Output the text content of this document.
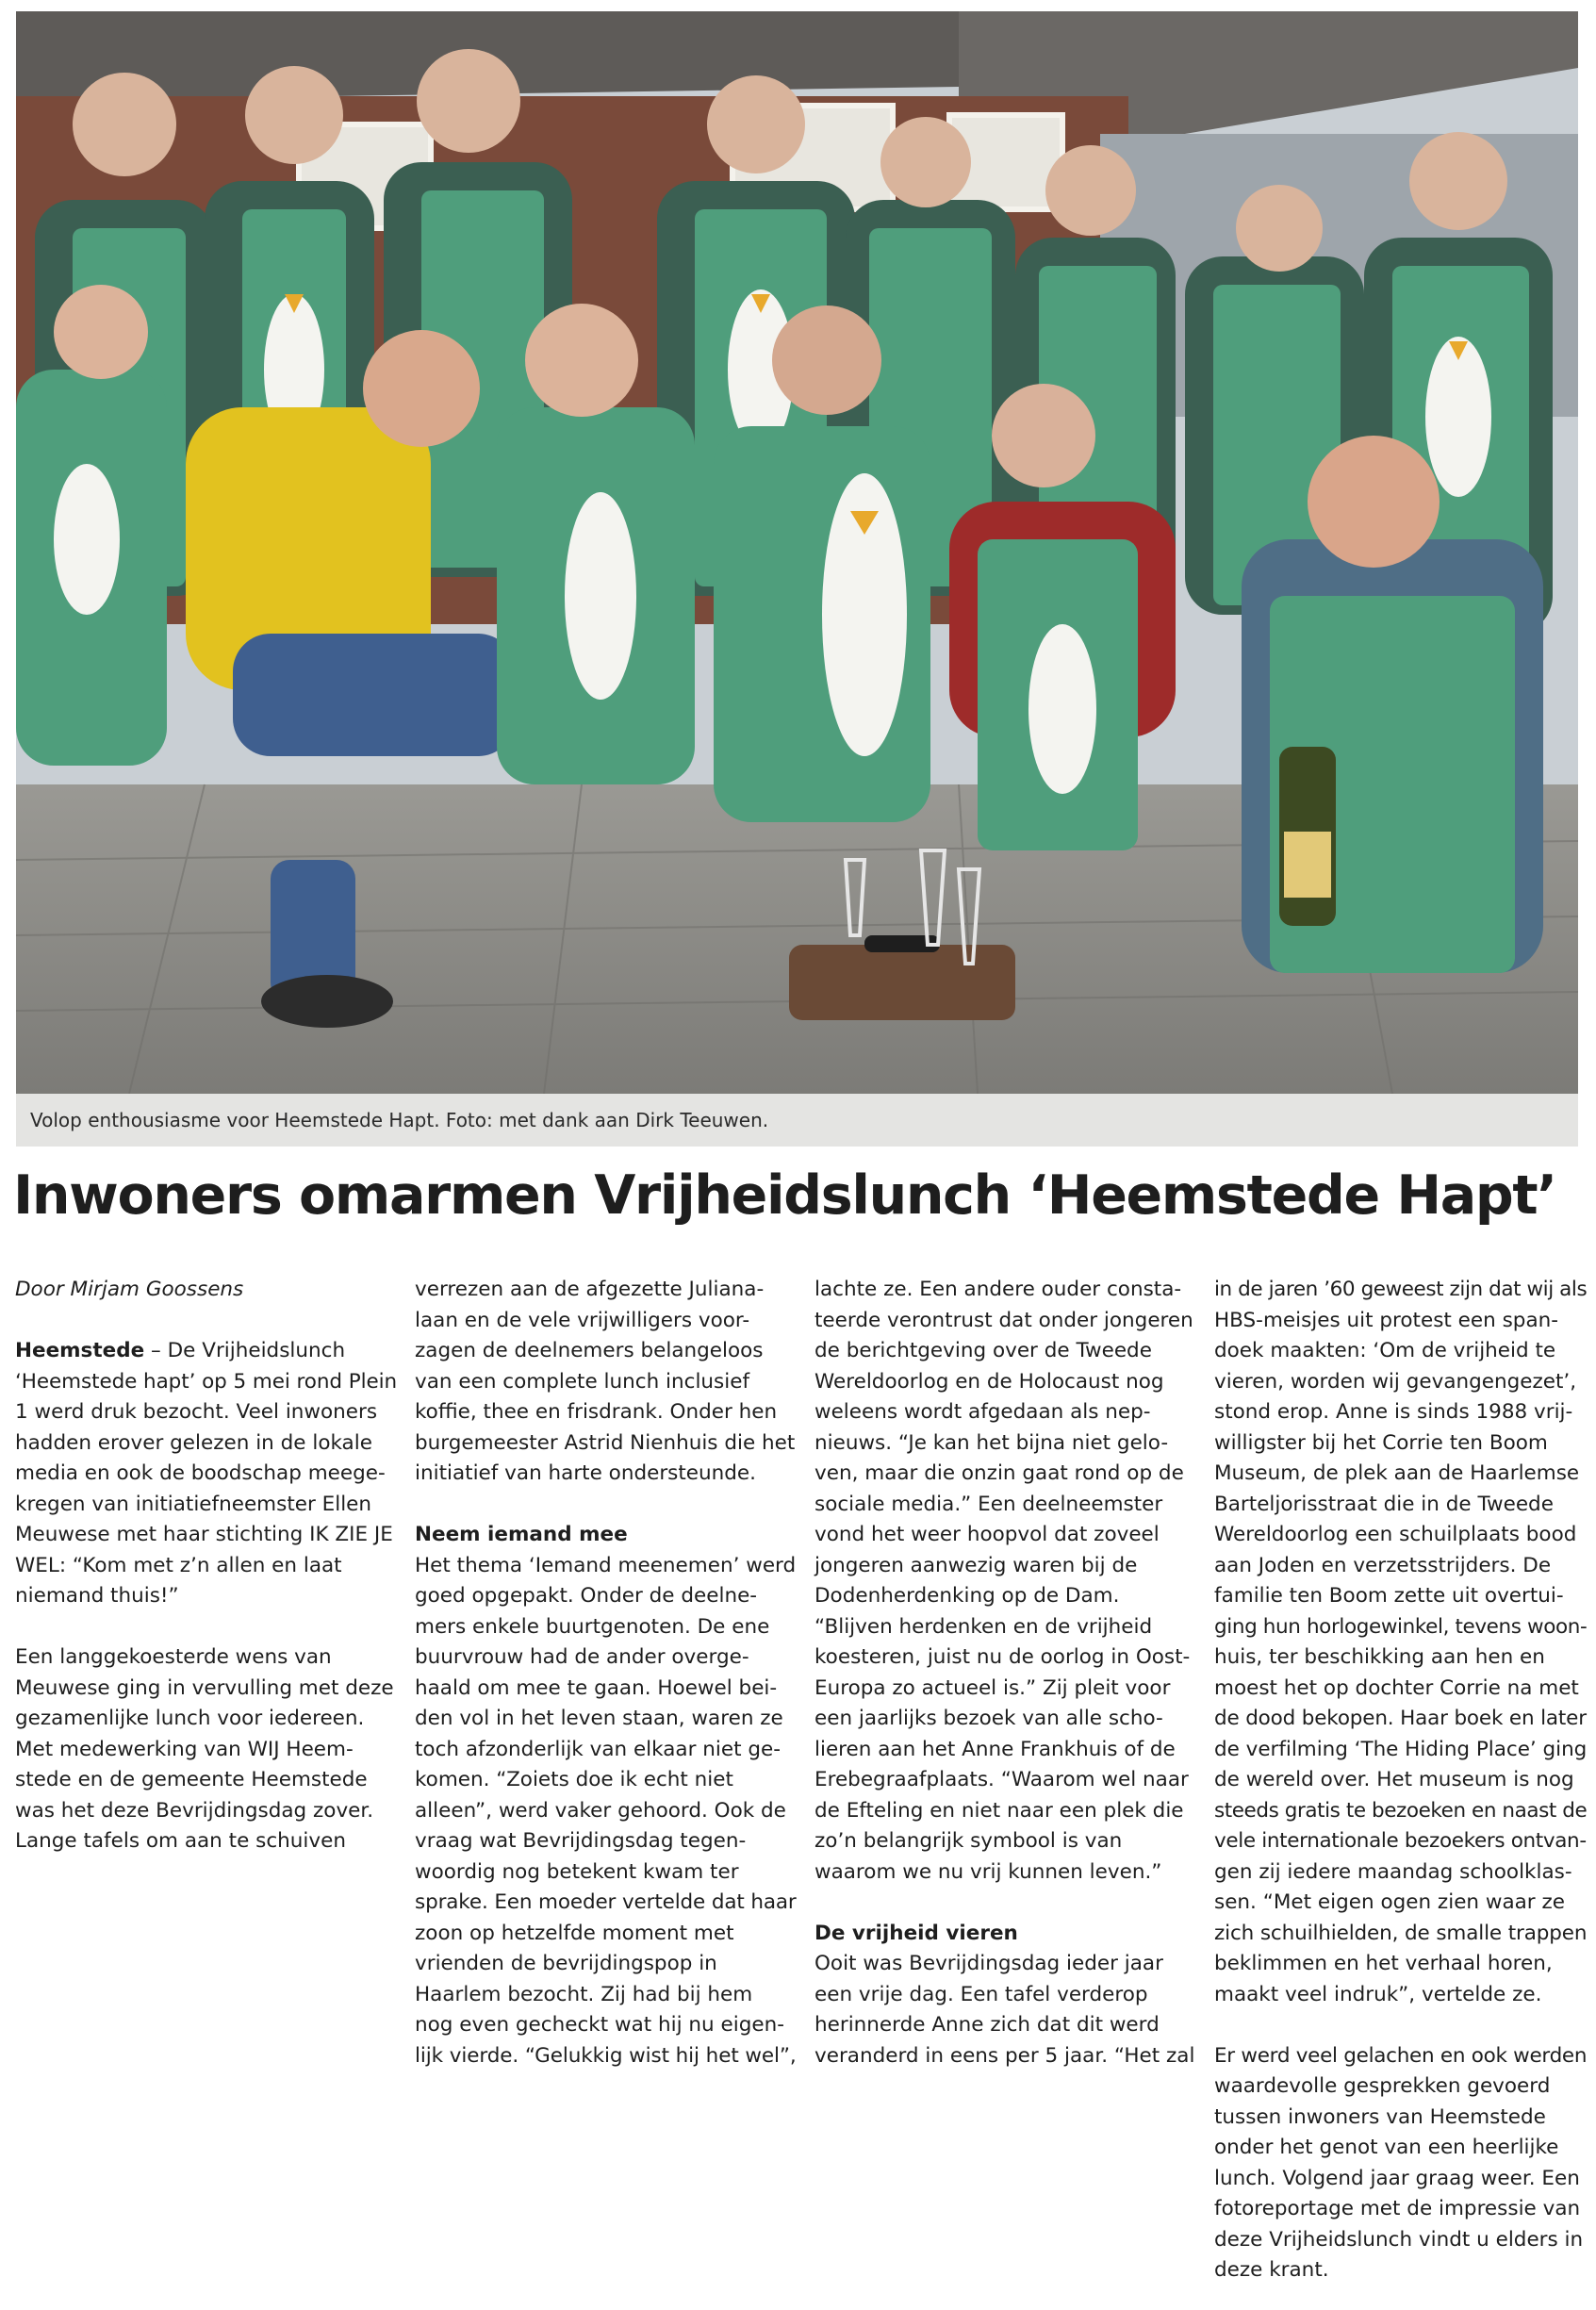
Volop enthousiasme voor Heemstede Hapt. Foto: met dank aan Dirk Teeuwen.
Inwoners omarmen Vrijheidslunch ‘Heemstede Hapt’
Door Mirjam Goossens
Heemstede – De Vrijheidslunch
‘Heemstede hapt’ op 5 mei rond Plein
1 werd druk bezocht. Veel inwoners
hadden erover gelezen in de lokale
media en ook de boodschap meege-
kregen van initiatiefneemster Ellen
Meuwese met haar stichting IK ZIE JE
WEL: “Kom met z’n allen en laat
niemand thuis!”
Een langgekoesterde wens van
Meuwese ging in vervulling met deze
gezamenlijke lunch voor iedereen.
Met medewerking van WIJ Heem-
stede en de gemeente Heemstede
was het deze Bevrijdingsdag zover.
Lange tafels om aan te schuiven
verrezen aan de afgezette Juliana-
laan en de vele vrijwilligers voor-
zagen de deelnemers belangeloos
van een complete lunch inclusief
koffie, thee en frisdrank. Onder hen
burgemeester Astrid Nienhuis die het
initiatief van harte ondersteunde.
Neem iemand mee
Het thema ‘Iemand meenemen’ werd
goed opgepakt. Onder de deelne-
mers enkele buurtgenoten. De ene
buurvrouw had de ander overge-
haald om mee te gaan. Hoewel bei-
den vol in het leven staan, waren ze
toch afzonderlijk van elkaar niet ge-
komen. “Zoiets doe ik echt niet
alleen”, werd vaker gehoord. Ook de
vraag wat Bevrijdingsdag tegen-
woordig nog betekent kwam ter
sprake. Een moeder vertelde dat haar
zoon op hetzelfde moment met
vrienden de bevrijdingspop in
Haarlem bezocht. Zij had bij hem
nog even gecheckt wat hij nu eigen-
lijk vierde. “Gelukkig wist hij het wel”,
lachte ze. Een andere ouder consta-
teerde verontrust dat onder jongeren
de berichtgeving over de Tweede
Wereldoorlog en de Holocaust nog
weleens wordt afgedaan als nep-
nieuws. “Je kan het bijna niet gelo-
ven, maar die onzin gaat rond op de
sociale media.” Een deelneemster
vond het weer hoopvol dat zoveel
jongeren aanwezig waren bij de
Dodenherdenking op de Dam.
“Blijven herdenken en de vrijheid
koesteren, juist nu de oorlog in Oost-
Europa zo actueel is.” Zij pleit voor
een jaarlijks bezoek van alle scho-
lieren aan het Anne Frankhuis of de
Erebegraafplaats. “Waarom wel naar
de Efteling en niet naar een plek die
zo’n belangrijk symbool is van
waarom we nu vrij kunnen leven.”
De vrijheid vieren
Ooit was Bevrijdingsdag ieder jaar
een vrije dag. Een tafel verderop
herinnerde Anne zich dat dit werd
veranderd in eens per 5 jaar. “Het zal
in de jaren ’60 geweest zijn dat wij als
HBS-meisjes uit protest een span-
doek maakten: ‘Om de vrijheid te
vieren, worden wij gevangengezet’,
stond erop. Anne is sinds 1988 vrij-
willigster bij het Corrie ten Boom
Museum, de plek aan de Haarlemse
Barteljorisstraat die in de Tweede
Wereldoorlog een schuilplaats bood
aan Joden en verzetsstrijders. De
familie ten Boom zette uit overtui-
ging hun horlogewinkel, tevens woon-
huis, ter beschikking aan hen en
moest het op dochter Corrie na met
de dood bekopen. Haar boek en later
de verfilming ‘The Hiding Place’ ging
de wereld over. Het museum is nog
steeds gratis te bezoeken en naast de
vele internationale bezoekers ontvan-
gen zij iedere maandag schoolklas-
sen. “Met eigen ogen zien waar ze
zich schuilhielden, de smalle trappen
beklimmen en het verhaal horen,
maakt veel indruk”, vertelde ze.
Er werd veel gelachen en ook werden
waardevolle gesprekken gevoerd
tussen inwoners van Heemstede
onder het genot van een heerlijke
lunch. Volgend jaar graag weer. Een
fotoreportage met de impressie van
deze Vrijheidslunch vindt u elders in
deze krant.
